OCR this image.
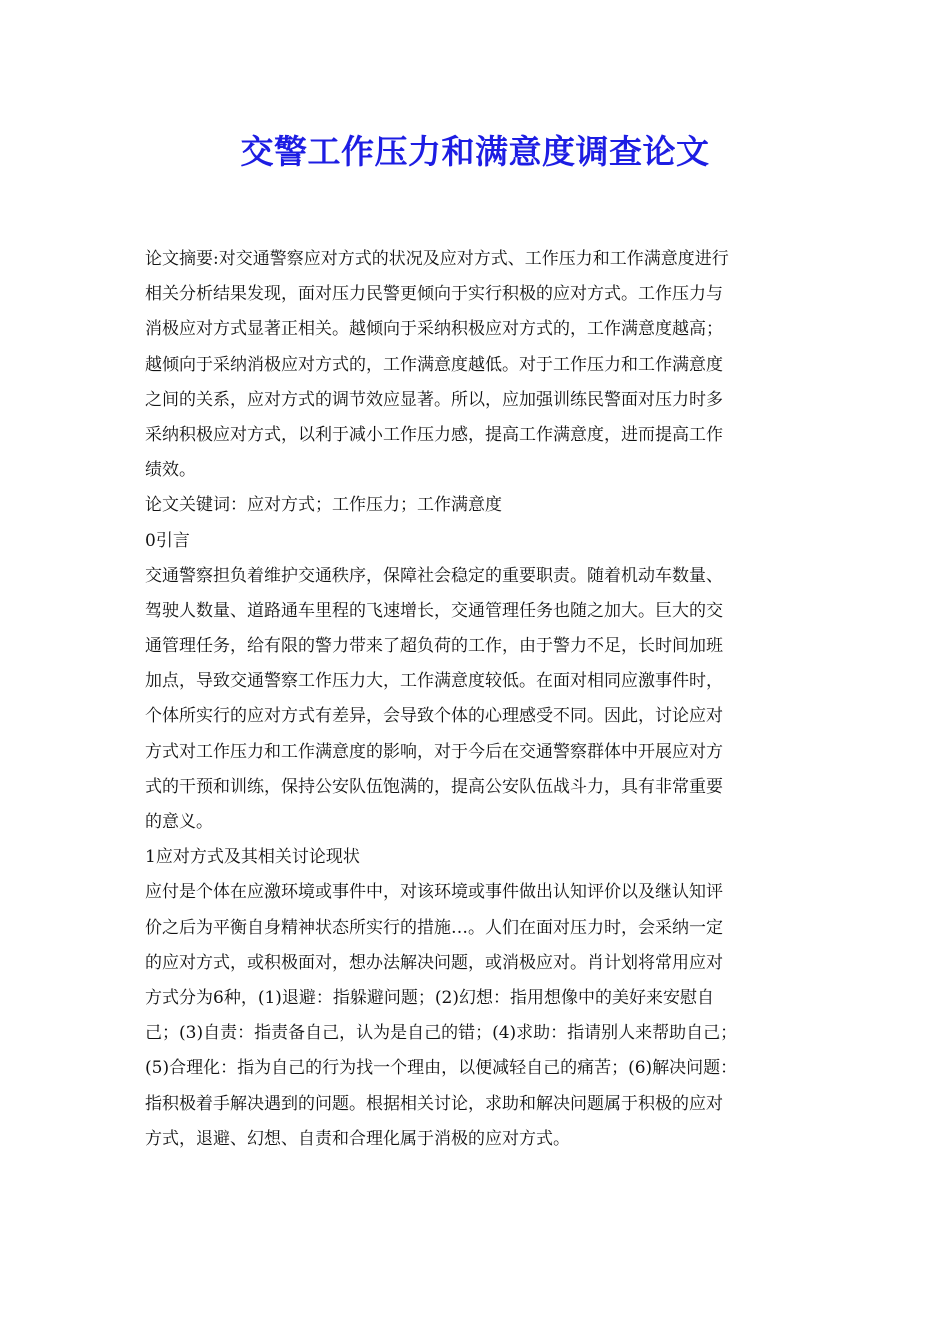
交警工作压力和满意度调查论文
论文摘要:对交通警察应对方式的状况及应对方式、工作压力和工作满意度进行
相关分析结果发现，面对压力民警更倾向于实行积极的应对方式。工作压力与
消极应对方式显著正相关。越倾向于采纳积极应对方式的，工作满意度越高；
越倾向于采纳消极应对方式的，工作满意度越低。对于工作压力和工作满意度
之间的关系，应对方式的调节效应显著。所以，应加强训练民警面对压力时多
采纳积极应对方式，以利于减小工作压力感，提高工作满意度，进而提高工作
绩效。
论文关键词：应对方式；工作压力；工作满意度
0引言
交通警察担负着维护交通秩序，保障社会稳定的重要职责。随着机动车数量、
驾驶人数量、道路通车里程的飞速增长，交通管理任务也随之加大。巨大的交
通管理任务，给有限的警力带来了超负荷的工作，由于警力不足，长时间加班
加点，导致交通警察工作压力大，工作满意度较低。在面对相同应激事件时，
个体所实行的应对方式有差异，会导致个体的心理感受不同。因此，讨论应对
方式对工作压力和工作满意度的影响，对于今后在交通警察群体中开展应对方
式的干预和训练，保持公安队伍饱满的，提高公安队伍战斗力，具有非常重要
的意义。
1应对方式及其相关讨论现状
应付是个体在应激环境或事件中，对该环境或事件做出认知评价以及继认知评
价之后为平衡自身精神状态所实行的措施…。人们在面对压力时，会采纳一定
的应对方式，或积极面对，想办法解决问题，或消极应对。肖计划将常用应对
方式分为6种，(1)退避：指躲避问题；(2)幻想：指用想像中的美好来安慰自
己；(3)自责：指责备自己，认为是自己的错；(4)求助：指请别人来帮助自己；
(5)合理化：指为自己的行为找一个理由，以便减轻自己的痛苦；(6)解决问题：
指积极着手解决遇到的问题。根据相关讨论，求助和解决问题属于积极的应对
方式，退避、幻想、自责和合理化属于消极的应对方式。
